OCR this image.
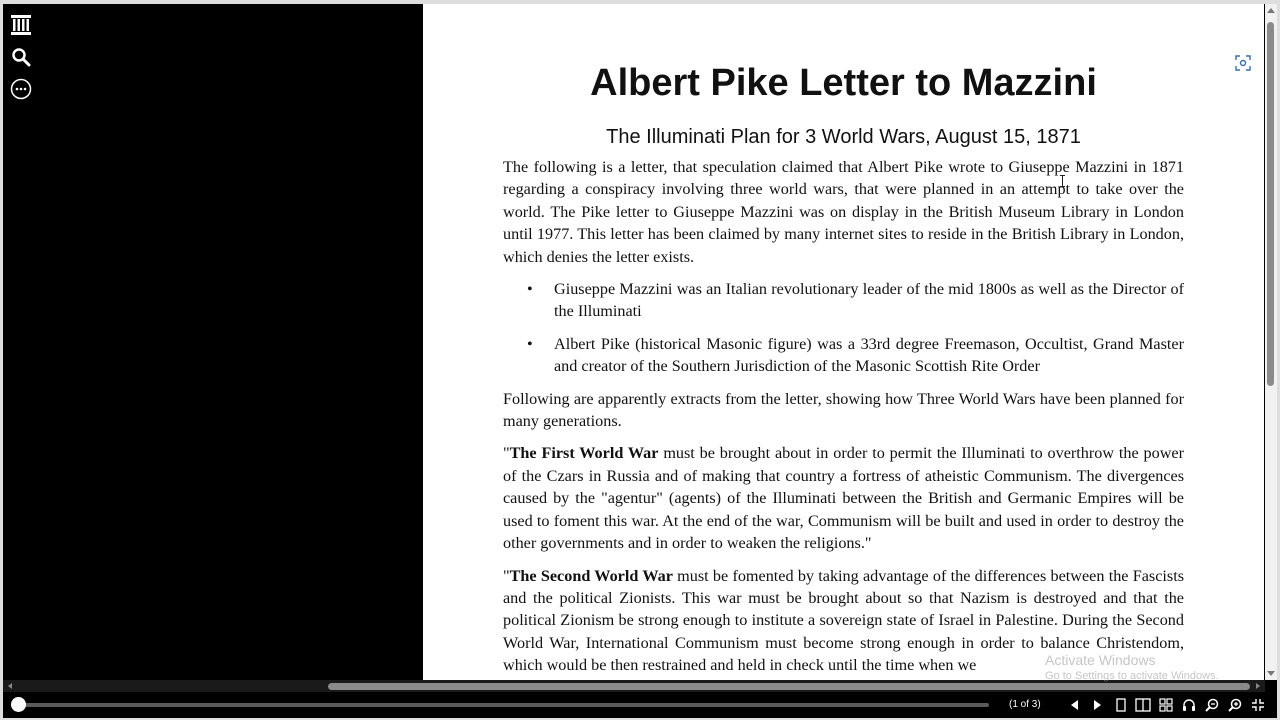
Albert Pike Letter to Mazzini
The Illuminati Plan for 3 World Wars, August 15, 1871

The following is a letter, that speculation claimed that Albert Pike wrote to Giuseppe Mazzini in 1871 regarding a conspiracy involving three world wars, that were planned in an attempt to take over the world. The Pike letter to Giuseppe Mazzini was on display in the British Museum Library in London until 1977. This letter has been claimed by many internet sites to reside in the British Library in London, which denies the letter exists.

• Giuseppe Mazzini was an Italian revolutionary leader of the mid 1800s as well as the Director of the Illuminati
• Albert Pike (historical Masonic figure) was a 33rd degree Freemason, Occultist, Grand Master and creator of the Southern Jurisdiction of the Masonic Scottish Rite Order

Following are apparently extracts from the letter, showing how Three World Wars have been planned for many generations.

"The First World War must be brought about in order to permit the Illuminati to overthrow the power of the Czars in Russia and of making that country a fortress of atheistic Communism. The divergences caused by the "agentur" (agents) of the Illuminati between the British and Germanic Empires will be used to foment this war. At the end of the war, Communism will be built and used in order to destroy the other governments and in order to weaken the religions."

"The Second World War must be fomented by taking advantage of the differences between the Fascists and the political Zionists. This war must be brought about so that Nazism is destroyed and that the political Zionism be strong enough to institute a sovereign state of Israel in Palestine. During the Second World War, International Communism must become strong enough in order to balance Christendom, which would be then restrained and held in check until the time when we

(1 of 3)
Activate Windows
Go to Settings to activate Windows.
